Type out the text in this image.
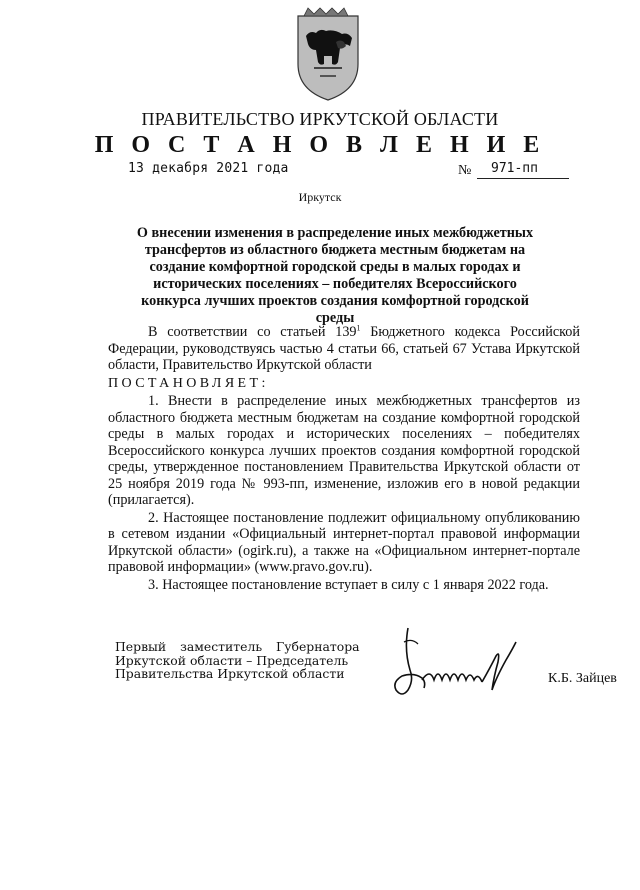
ПРАВИТЕЛЬСТВО ИРКУТСКОЙ ОБЛАСТИ
П О С Т А Н О В Л Е Н И Е
13 декабря 2021 года	№	971-пп
Иркутск
О внесении изменения в распределение иных межбюджетных трансфертов из областного бюджета местным бюджетам на создание комфортной городской среды в малых городах и исторических поселениях – победителях Всероссийского конкурса лучших проектов создания комфортной городской среды

В соответствии со статьей $139^1$ Бюджетного кодекса Российской Федерации, руководствуясь частью 4 статьи 66, статьей 67 Устава Иркутской области, Правительство Иркутской области

ПОСТАНОВЛЯЕТ:

1. Внести в распределение иных межбюджетных трансфертов из областного бюджета местным бюджетам на создание комфортной городской среды в малых городах и исторических поселениях – победителях Всероссийского конкурса лучших проектов создания комфортной городской среды, утвержденное постановлением Правительства Иркутской области от 25 ноября 2019 года № 993-пп, изменение, изложив его в новой редакции (прилагается).

2. Настоящее постановление подлежит официальному опубликованию в сетевом издании «Официальный интернет-портал правовой информации Иркутской области» (ogirk.ru), а также на «Официальном интернет-портале правовой информации» (www.pravo.gov.ru).

3. Настоящее постановление вступает в силу с 1 января 2022 года.

Первый заместитель Губернатора
Иркутской области – Председатель
Правительства Иркутской области	К.Б. Зайцев
